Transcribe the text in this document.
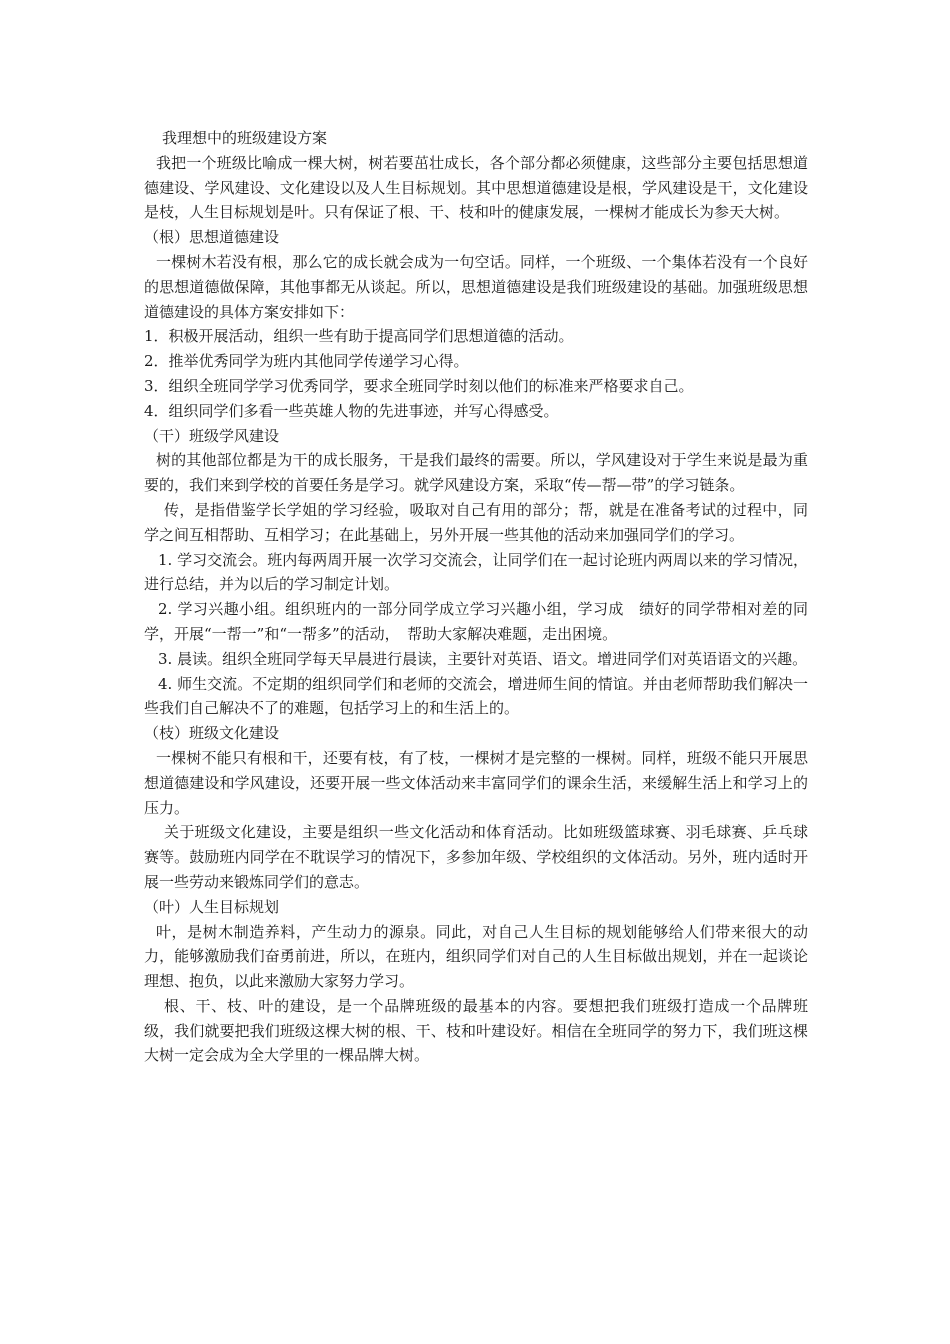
我理想中的班级建设方案

我把一个班级比喻成一棵大树，树若要茁壮成长，各个部分都必须健康，这些部分主要包括思想道德建设、学风建设、文化建设以及人生目标规划。其中思想道德建设是根，学风建设是干，文化建设是枝，人生目标规划是叶。只有保证了根、干、枝和叶的健康发展，一棵树才能成长为参天大树。

（根）思想道德建设

一棵树木若没有根，那么它的成长就会成为一句空话。同样，一个班级、一个集体若没有一个良好的思想道德做保障，其他事都无从谈起。所以，思想道德建设是我们班级建设的基础。加强班级思想道德建设的具体方案安排如下：

1．积极开展活动，组织一些有助于提高同学们思想道德的活动。

2．推举优秀同学为班内其他同学传递学习心得。

3．组织全班同学学习优秀同学，要求全班同学时刻以他们的标准来严格要求自己。

4．组织同学们多看一些英雄人物的先进事迹，并写心得感受。

（干）班级学风建设

树的其他部位都是为干的成长服务，干是我们最终的需要。所以，学风建设对于学生来说是最为重要的，我们来到学校的首要任务是学习。就学风建设方案，采取“传—帮—带”的学习链条。

传，是指借鉴学长学姐的学习经验，吸取对自己有用的部分；帮，就是在准备考试的过程中，同学之间互相帮助、互相学习；在此基础上，另外开展一些其他的活动来加强同学们的学习。

1. 学习交流会。班内每两周开展一次学习交流会，让同学们在一起讨论班内两周以来的学习情况，进行总结，并为以后的学习制定计划。

2. 学习兴趣小组。组织班内的一部分同学成立学习兴趣小组，学习成　绩好的同学带相对差的同学，开展“一帮一”和“一帮多”的活动，　帮助大家解决难题，走出困境。

3. 晨读。组织全班同学每天早晨进行晨读，主要针对英语、语文。增进同学们对英语语文的兴趣。

4. 师生交流。不定期的组织同学们和老师的交流会，增进师生间的情谊。并由老师帮助我们解决一些我们自己解决不了的难题，包括学习上的和生活上的。

（枝）班级文化建设

一棵树不能只有根和干，还要有枝，有了枝，一棵树才是完整的一棵树。同样，班级不能只开展思想道德建设和学风建设，还要开展一些文体活动来丰富同学们的课余生活，来缓解生活上和学习上的压力。

关于班级文化建设，主要是组织一些文化活动和体育活动。比如班级篮球赛、羽毛球赛、乒乓球赛等。鼓励班内同学在不耽误学习的情况下，多参加年级、学校组织的文体活动。另外，班内适时开展一些劳动来锻炼同学们的意志。

（叶）人生目标规划

叶，是树木制造养料，产生动力的源泉。同此，对自己人生目标的规划能够给人们带来很大的动力，能够激励我们奋勇前进，所以，在班内，组织同学们对自己的人生目标做出规划，并在一起谈论理想、抱负，以此来激励大家努力学习。

根、干、枝、叶的建设，是一个品牌班级的最基本的内容。要想把我们班级打造成一个品牌班级，我们就要把我们班级这棵大树的根、干、枝和叶建设好。相信在全班同学的努力下，我们班这棵大树一定会成为全大学里的一棵品牌大树。
